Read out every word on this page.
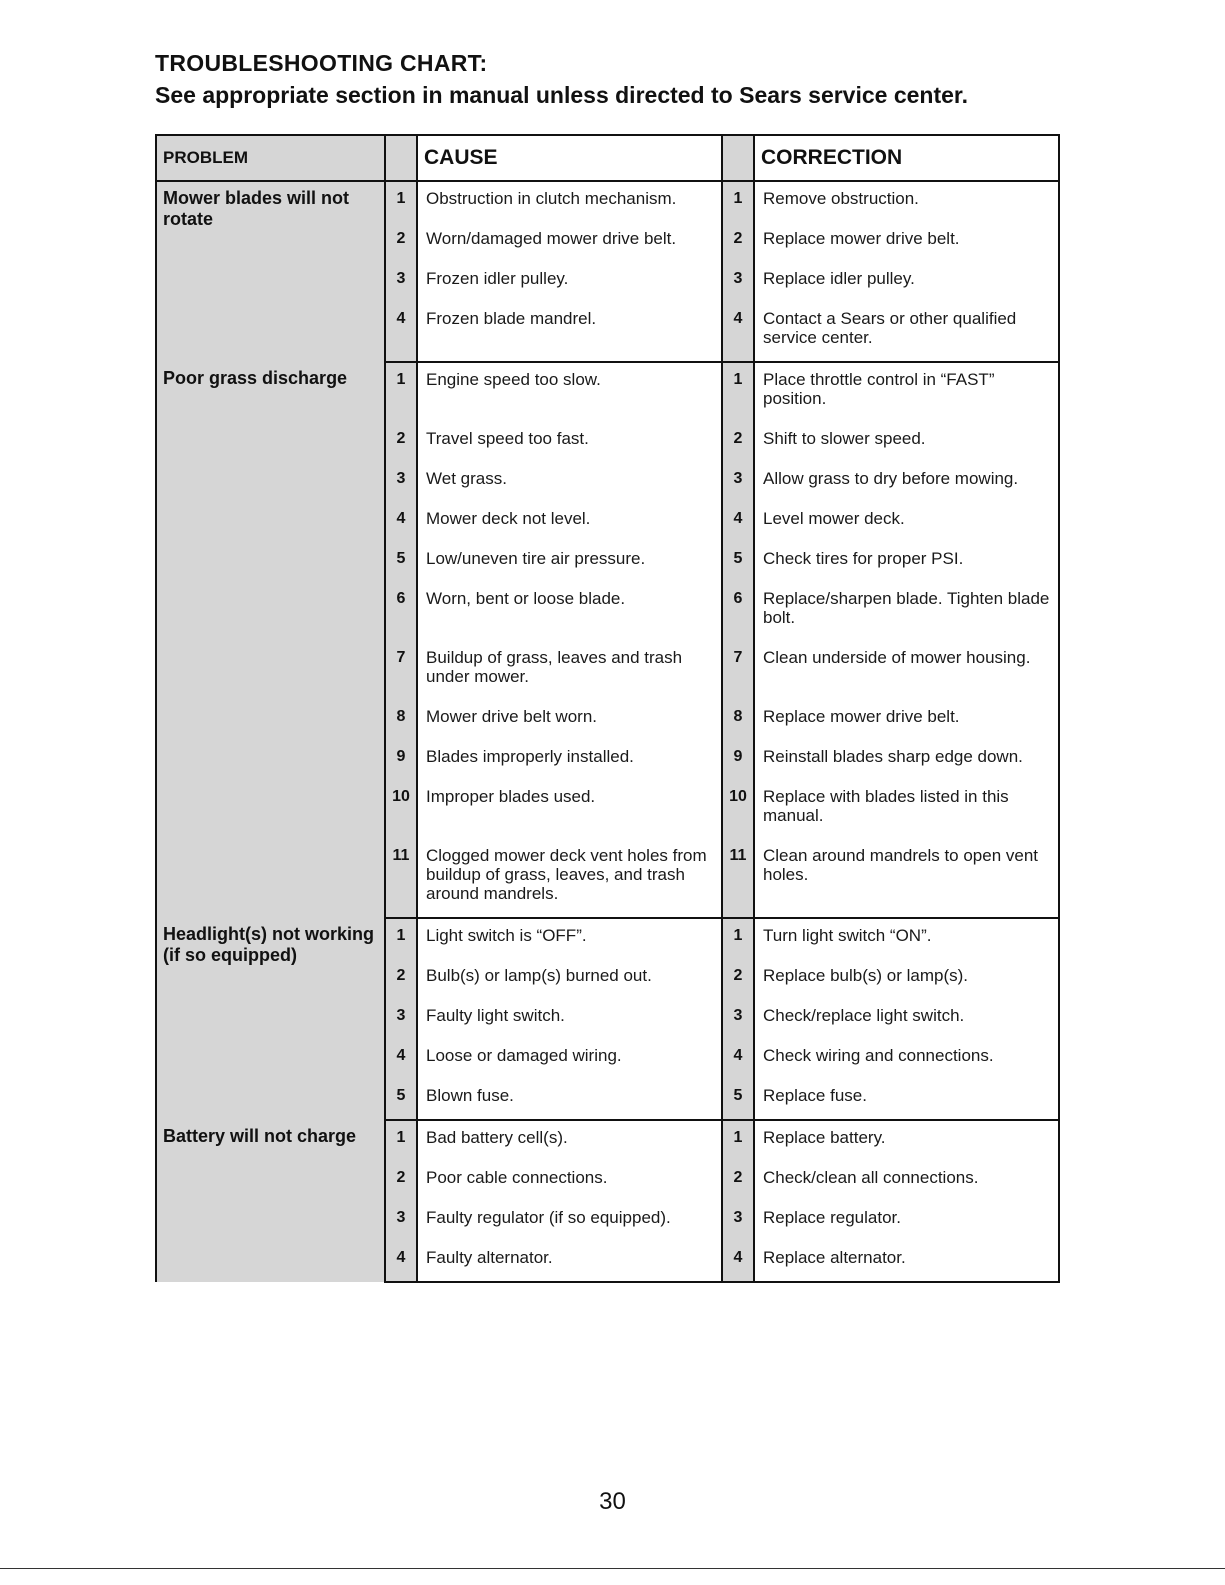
TROUBLESHOOTING CHART:
See appropriate section in manual unless directed to Sears service center.
PROBLEM		CAUSE		CORRECTION
Mower blades will not rotate	1	Obstruction in clutch mechanism.	1	Remove obstruction.
	2	Worn/damaged mower drive belt.	2	Replace mower drive belt.
	3	Frozen idler pulley.	3	Replace idler pulley.
	4	Frozen blade mandrel.	4	Contact a Sears or other qualified service center.
Poor grass discharge	1	Engine speed too slow.	1	Place throttle control in “FAST” position.
	2	Travel speed too fast.	2	Shift to slower speed.
	3	Wet grass.	3	Allow grass to dry before mowing.
	4	Mower deck not level.	4	Level mower deck.
	5	Low/uneven tire air pressure.	5	Check tires for proper PSI.
	6	Worn, bent or loose blade.	6	Replace/sharpen blade. Tighten blade bolt.
	7	Buildup of grass, leaves and trash under mower.	7	Clean underside of mower housing.
	8	Mower drive belt worn.	8	Replace mower drive belt.
	9	Blades improperly installed.	9	Reinstall blades sharp edge down.
	10	Improper blades used.	10	Replace with blades listed in this manual.
	11	Clogged mower deck vent holes from buildup of grass, leaves, and trash around mandrels.	11	Clean around mandrels to open vent holes.
Headlight(s) not working (if so equipped)	1	Light switch is “OFF”.	1	Turn light switch “ON”.
	2	Bulb(s) or lamp(s) burned out.	2	Replace bulb(s) or lamp(s).
	3	Faulty light switch.	3	Check/replace light switch.
	4	Loose or damaged wiring.	4	Check wiring and connections.
	5	Blown fuse.	5	Replace fuse.
Battery will not charge	1	Bad battery cell(s).	1	Replace battery.
	2	Poor cable connections.	2	Check/clean all connections.
	3	Faulty regulator (if so equipped).	3	Replace regulator.
	4	Faulty alternator.	4	Replace alternator.
30
